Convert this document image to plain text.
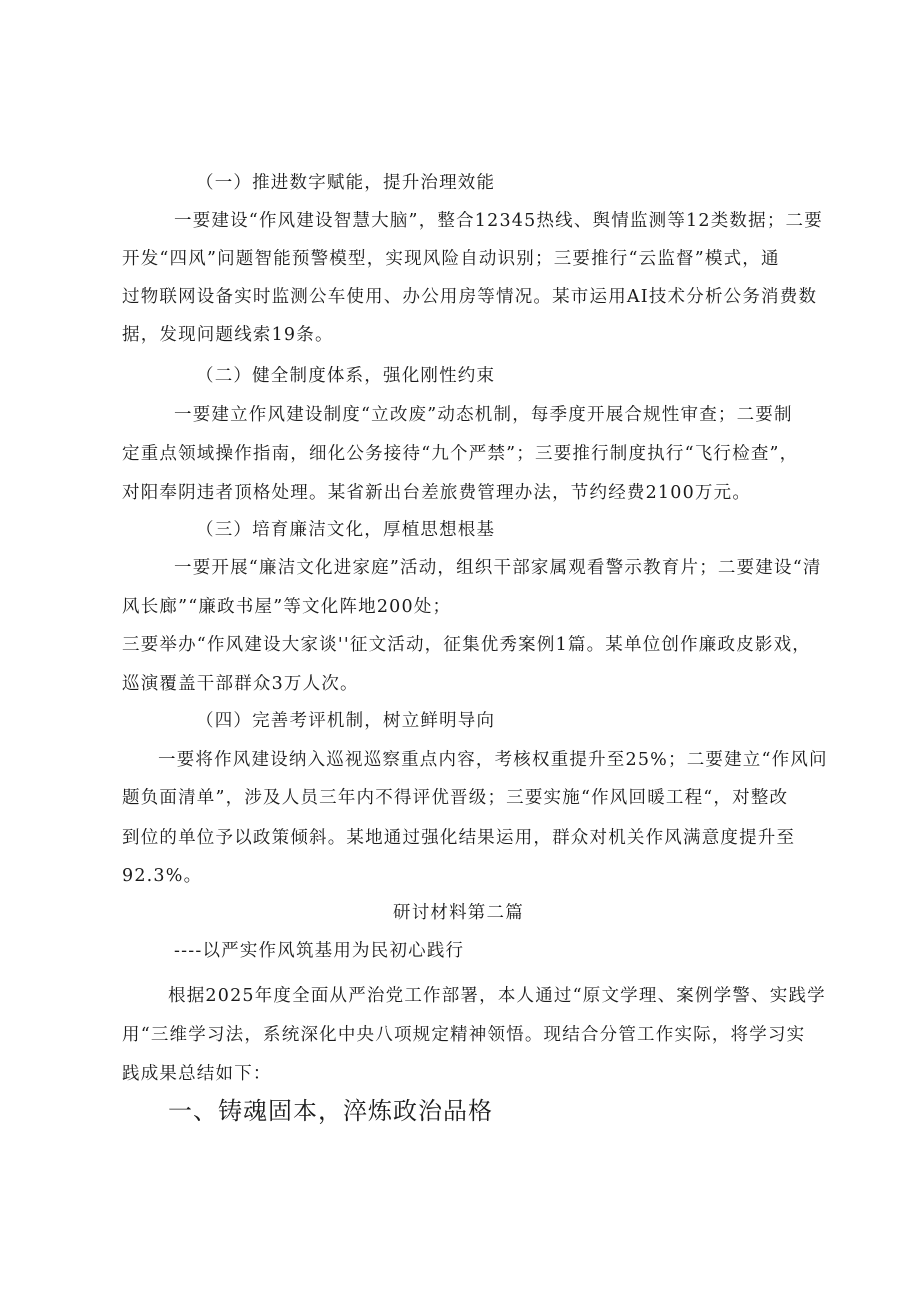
（一）推进数字赋能，提升治理效能
一要建设“作风建设智慧大脑”，整合12345热线、舆情监测等12类数据；二要
开发“四风”问题智能预警模型，实现风险自动识别；三要推行“云监督”模式，通
过物联网设备实时监测公车使用、办公用房等情况。某市运用AI技术分析公务消费数
据，发现问题线索19条。
（二）健全制度体系，强化刚性约束
一要建立作风建设制度“立改废”动态机制，每季度开展合规性审查；二要制
定重点领域操作指南，细化公务接待“九个严禁”；三要推行制度执行“飞行检查”，
对阳奉阴违者顶格处理。某省新出台差旅费管理办法，节约经费2100万元。
（三）培育廉洁文化，厚植思想根基
一要开展“廉洁文化进家庭”活动，组织干部家属观看警示教育片；二要建设“清
风长廊”“廉政书屋”等文化阵地200处；
三要举办“作风建设大家谈''征文活动，征集优秀案例1篇。某单位创作廉政皮影戏，
巡演覆盖干部群众3万人次。
（四）完善考评机制，树立鲜明导向
一要将作风建设纳入巡视巡察重点内容，考核权重提升至25%；二要建立“作风问
题负面清单”，涉及人员三年内不得评优晋级；三要实施“作风回暖工程“，对整改
到位的单位予以政策倾斜。某地通过强化结果运用，群众对机关作风满意度提升至
92.3%。
研讨材料第二篇
----以严实作风筑基用为民初心践行
根据2025年度全面从严治党工作部署，本人通过“原文学理、案例学警、实践学
用“三维学习法，系统深化中央八项规定精神领悟。现结合分管工作实际，将学习实
践成果总结如下：
一、铸魂固本，淬炼政治品格
